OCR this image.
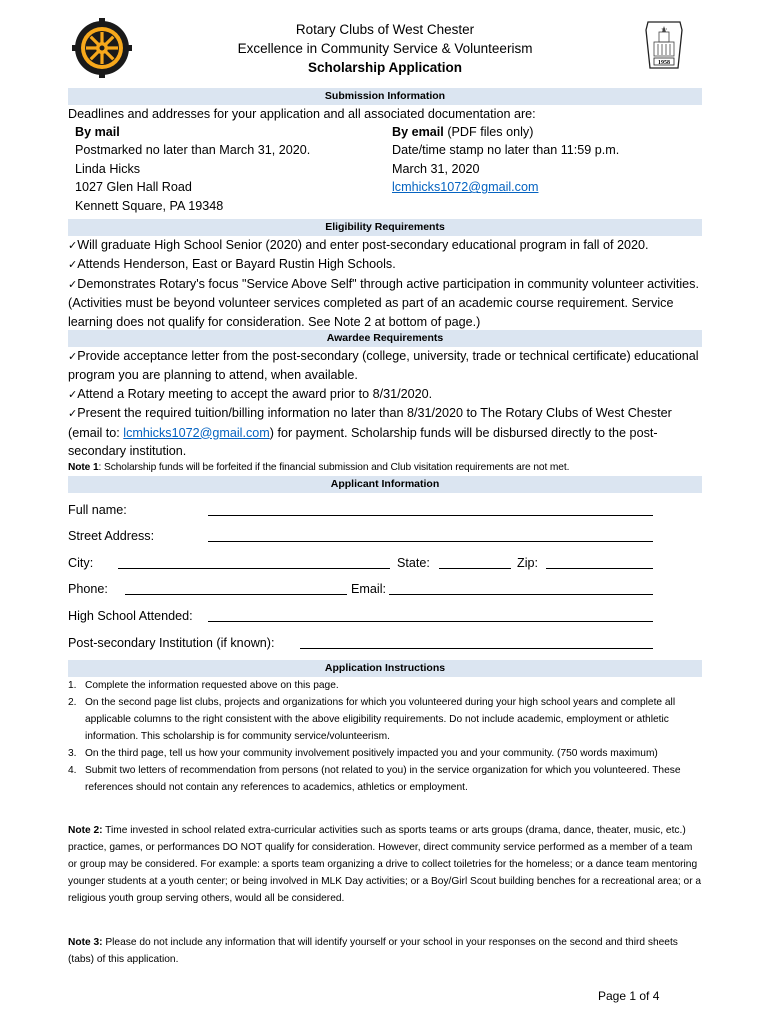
Rotary Clubs of West Chester
Excellence in Community Service & Volunteerism
Scholarship Application
TRI
1958
Submission Information
Deadlines and addresses for your application and all associated documentation are:
By mail
Postmarked no later than March 31, 2020.
Linda Hicks
1027 Glen Hall Road
Kennett Square, PA 19348
By email (PDF files only)
Date/time stamp no later than 11:59 p.m.
March 31, 2020
lcmhicks1072@gmail.com
Eligibility Requirements
✓Will graduate High School Senior (2020) and enter post-secondary educational program in fall of 2020.
✓Attends Henderson, East or Bayard Rustin High Schools.
✓Demonstrates Rotary's focus "Service Above Self" through active participation in community volunteer activities. (Activities must be beyond volunteer services completed as part of an academic course requirement. Service learning does not qualify for consideration. See Note 2 at bottom of page.)
Awardee Requirements
✓Provide acceptance letter from the post-secondary (college, university, trade or technical certificate) educational program you are planning to attend, when available.
✓Attend a Rotary meeting to accept the award prior to 8/31/2020.
✓Present the required tuition/billing information no later than 8/31/2020 to The Rotary Clubs of West Chester (email to: lcmhicks1072@gmail.com) for payment. Scholarship funds will be disbursed directly to the post-secondary institution.
Note 1: Scholarship funds will be forfeited if the financial submission and Club visitation requirements are not met.
Applicant Information
Full name:
Street Address:
City:	State:	Zip:
Phone:	Email:
High School Attended:
Post-secondary Institution (if known):
Application Instructions
1. Complete the information requested above on this page.
2. On the second page list clubs, projects and organizations for which you volunteered during your high school years and complete all applicable columns to the right consistent with the above eligibility requirements. Do not include academic, employment or athletic information. This scholarship is for community service/volunteerism.
3. On the third page, tell us how your community involvement positively impacted you and your community. (750 words maximum)
4. Submit two letters of recommendation from persons (not related to you) in the service organization for which you volunteered. These references should not contain any references to academics, athletics or employment.
Note 2: Time invested in school related extra-curricular activities such as sports teams or arts groups (drama, dance, theater, music, etc.) practice, games, or performances DO NOT qualify for consideration. However, direct community service performed as a member of a team or group may be considered. For example: a sports team organizing a drive to collect toiletries for the homeless; or a dance team mentoring younger students at a youth center; or being involved in MLK Day activities; or a Boy/Girl Scout building benches for a recreational area; or a religious youth group serving others, would all be considered.
Note 3: Please do not include any information that will identify yourself or your school in your responses on the second and third sheets (tabs) of this application.
Page 1 of 4
